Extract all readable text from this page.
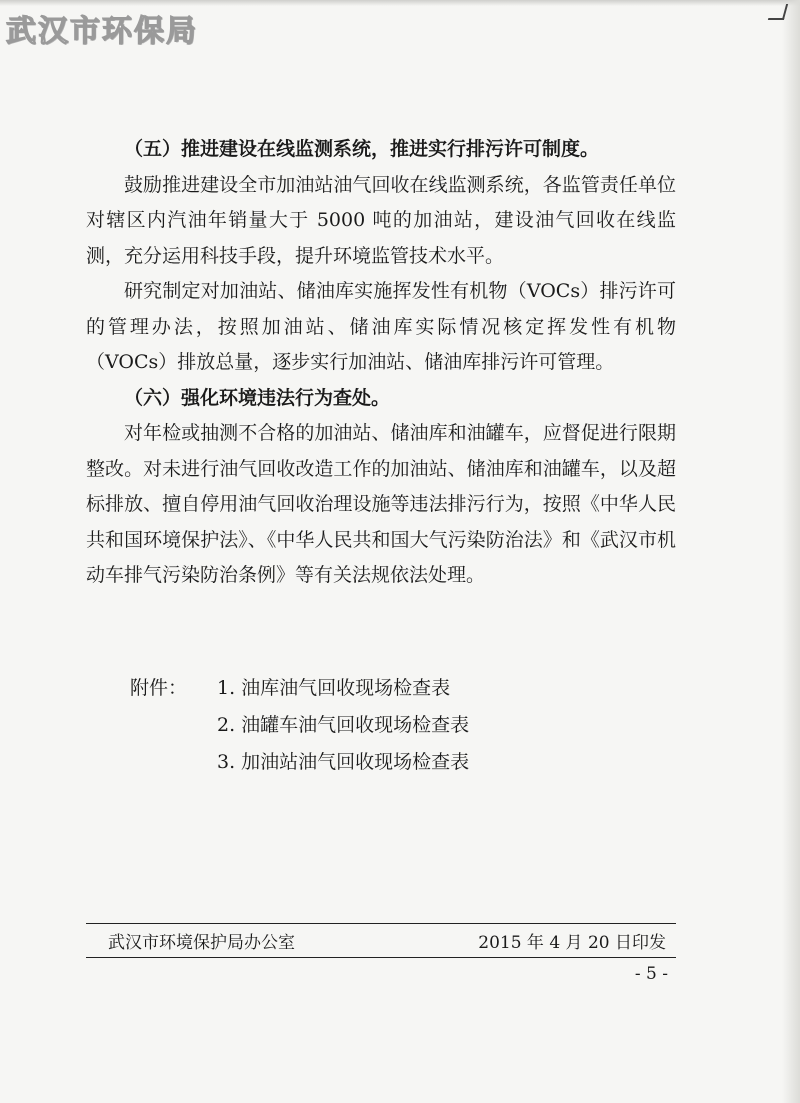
武汉市环保局

（五）推进建设在线监测系统，推进实行排污许可制度。

鼓励推进建设全市加油站油气回收在线监测系统，各监管责任单位对辖区内汽油年销量大于 5000 吨的加油站，建设油气回收在线监测，充分运用科技手段，提升环境监管技术水平。

研究制定对加油站、储油库实施挥发性有机物（VOCs）排污许可的管理办法，按照加油站、储油库实际情况核定挥发性有机物（VOCs）排放总量，逐步实行加油站、储油库排污许可管理。

（六）强化环境违法行为查处。

对年检或抽测不合格的加油站、储油库和油罐车，应督促进行限期整改。对未进行油气回收改造工作的加油站、储油库和油罐车，以及超标排放、擅自停用油气回收治理设施等违法排污行为，按照《中华人民共和国环境保护法》、《中华人民共和国大气污染防治法》和《武汉市机动车排气污染防治条例》等有关法规依法处理。

附件：	1. 油库油气回收现场检查表
2. 油罐车油气回收现场检查表
3. 加油站油气回收现场检查表
武汉市环境保护局办公室	2015 年 4 月 20 日印发
- 5 -
